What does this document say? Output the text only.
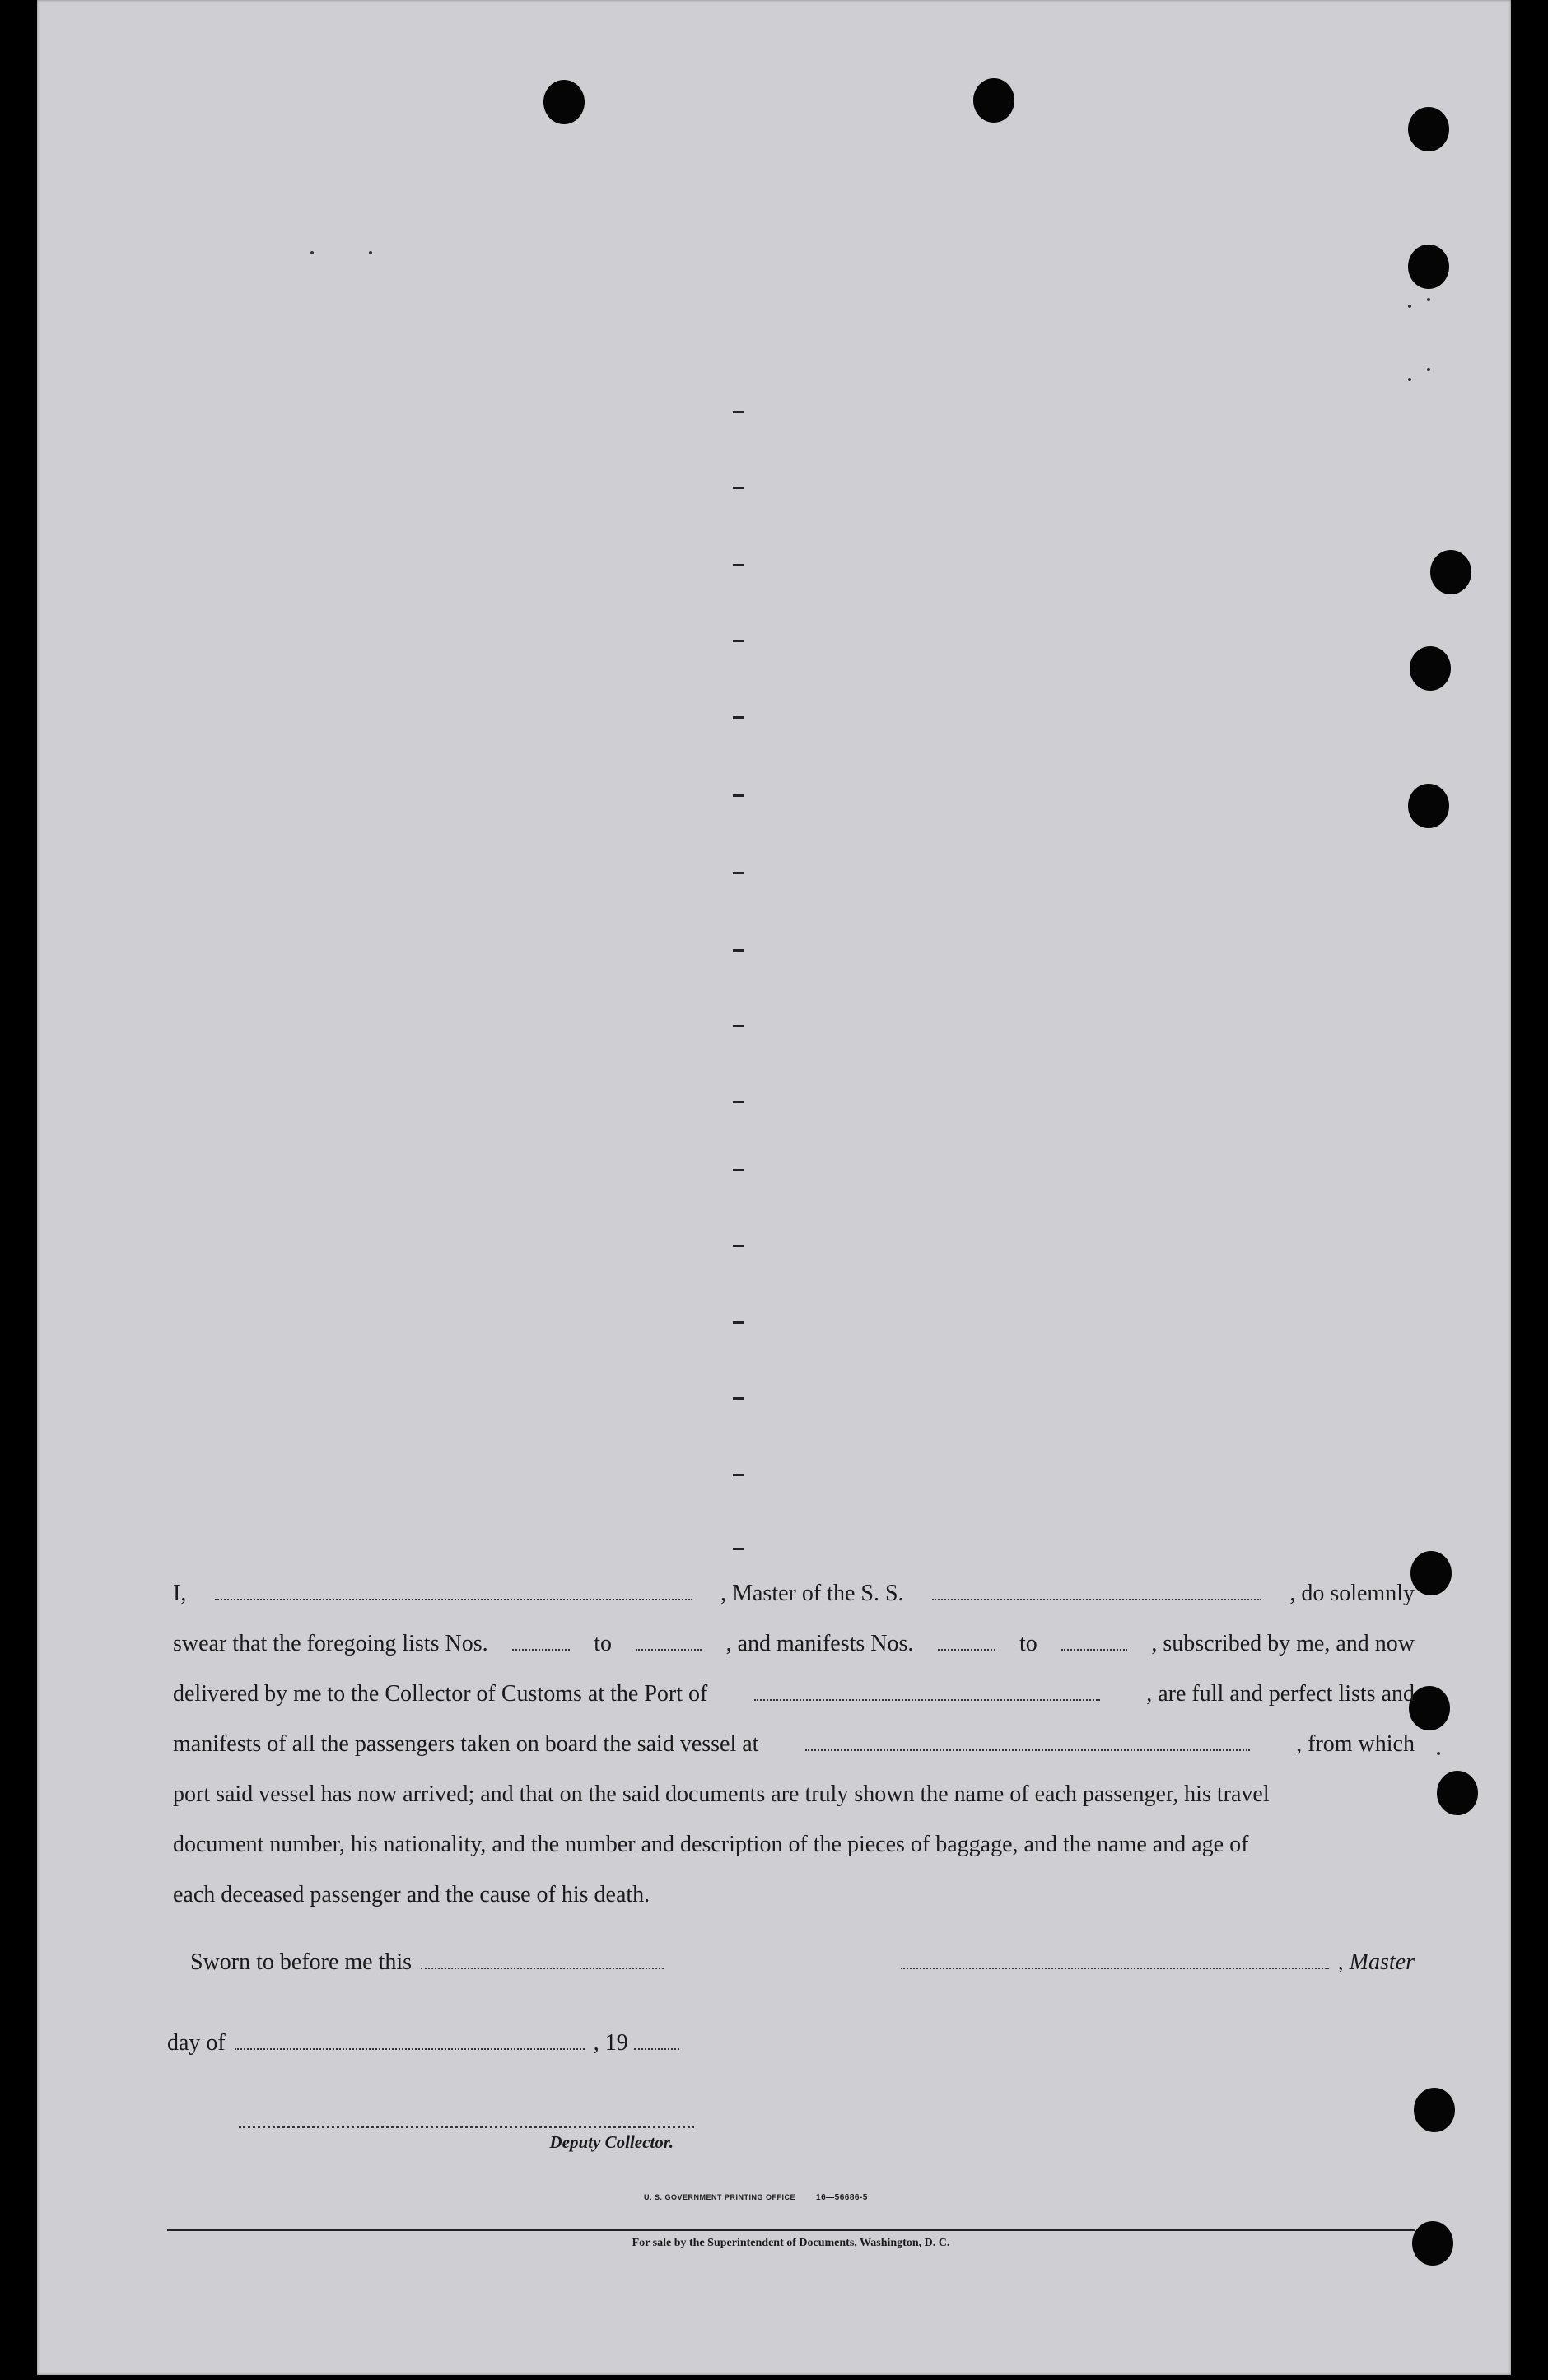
I,	, Master of the S. S.	, do solemnly
swear that the foregoing lists Nos.	to	, and manifests Nos.	to	, subscribed by me, and now
delivered by me to the Collector of Customs at the Port of	, are full and perfect lists and
manifests of all the passengers taken on board the said vessel at	, from which
port said vessel has now arrived; and that on the said documents are truly shown the name of each passenger, his travel
document number, his nationality, and the number and description of the pieces of baggage, and the name and age of
each deceased passenger and the cause of his death.
Sworn to before me this	, Master
day of	, 19
Deputy Collector.
U. S. GOVERNMENT PRINTING OFFICE	16—56686-5
For sale by the Superintendent of Documents, Washington, D. C.
